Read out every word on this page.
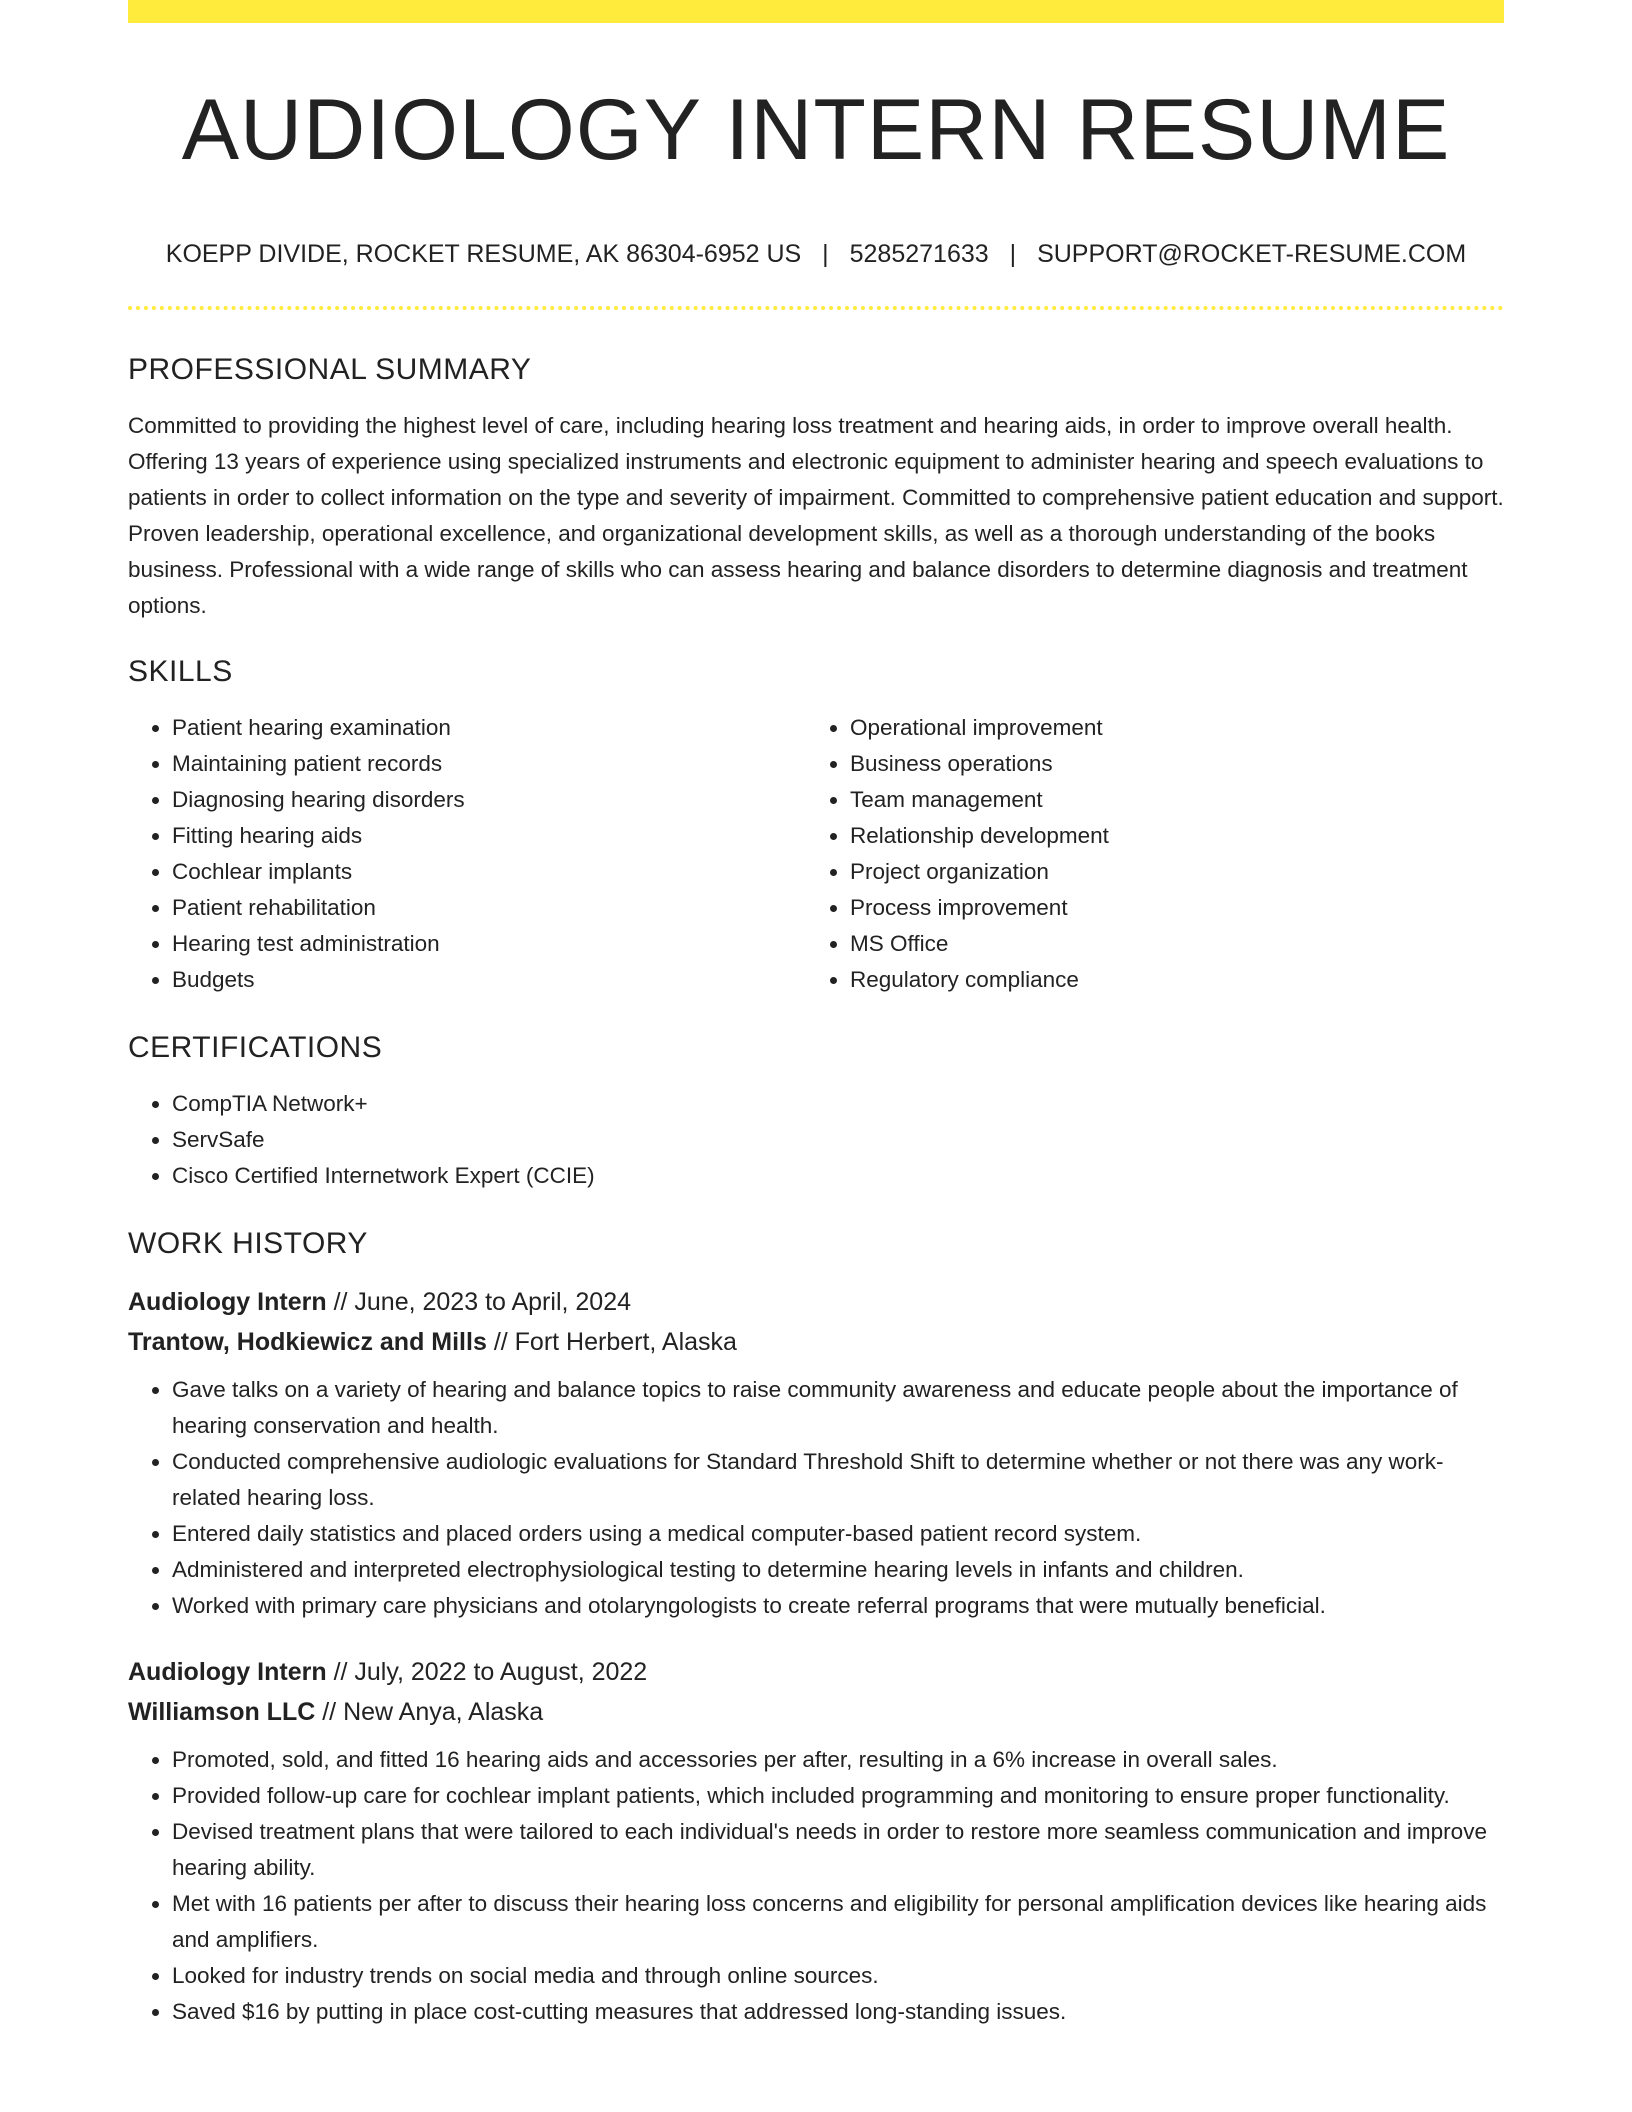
AUDIOLOGY INTERN RESUME
KOEPP DIVIDE, ROCKET RESUME, AK 86304-6952 US | 5285271633 | SUPPORT@ROCKET-RESUME.COM
PROFESSIONAL SUMMARY

Committed to providing the highest level of care, including hearing loss treatment and hearing aids, in order to improve overall health. Offering 13 years of experience using specialized instruments and electronic equipment to administer hearing and speech evaluations to patients in order to collect information on the type and severity of impairment. Committed to comprehensive patient education and support. Proven leadership, operational excellence, and organizational development skills, as well as a thorough understanding of the books business. Professional with a wide range of skills who can assess hearing and balance disorders to determine diagnosis and treatment options.

SKILLS
• Patient hearing examination
• Maintaining patient records
• Diagnosing hearing disorders
• Fitting hearing aids
• Cochlear implants
• Patient rehabilitation
• Hearing test administration
• Budgets
• Operational improvement
• Business operations
• Team management
• Relationship development
• Project organization
• Process improvement
• MS Office
• Regulatory compliance
CERTIFICATIONS
• CompTIA Network+
• ServSafe
• Cisco Certified Internetwork Expert (CCIE)
WORK HISTORY
Audiology Intern // June, 2023 to April, 2024
Trantow, Hodkiewicz and Mills // Fort Herbert, Alaska
• Gave talks on a variety of hearing and balance topics to raise community awareness and educate people about the importance of hearing conservation and health.
• Conducted comprehensive audiologic evaluations for Standard Threshold Shift to determine whether or not there was any work-related hearing loss.
• Entered daily statistics and placed orders using a medical computer-based patient record system.
• Administered and interpreted electrophysiological testing to determine hearing levels in infants and children.
• Worked with primary care physicians and otolaryngologists to create referral programs that were mutually beneficial.
Audiology Intern // July, 2022 to August, 2022
Williamson LLC // New Anya, Alaska
• Promoted, sold, and fitted 16 hearing aids and accessories per after, resulting in a 6% increase in overall sales.
• Provided follow-up care for cochlear implant patients, which included programming and monitoring to ensure proper functionality.
• Devised treatment plans that were tailored to each individual's needs in order to restore more seamless communication and improve hearing ability.
• Met with 16 patients per after to discuss their hearing loss concerns and eligibility for personal amplification devices like hearing aids and amplifiers.
• Looked for industry trends on social media and through online sources.
• Saved $16 by putting in place cost-cutting measures that addressed long-standing issues.
